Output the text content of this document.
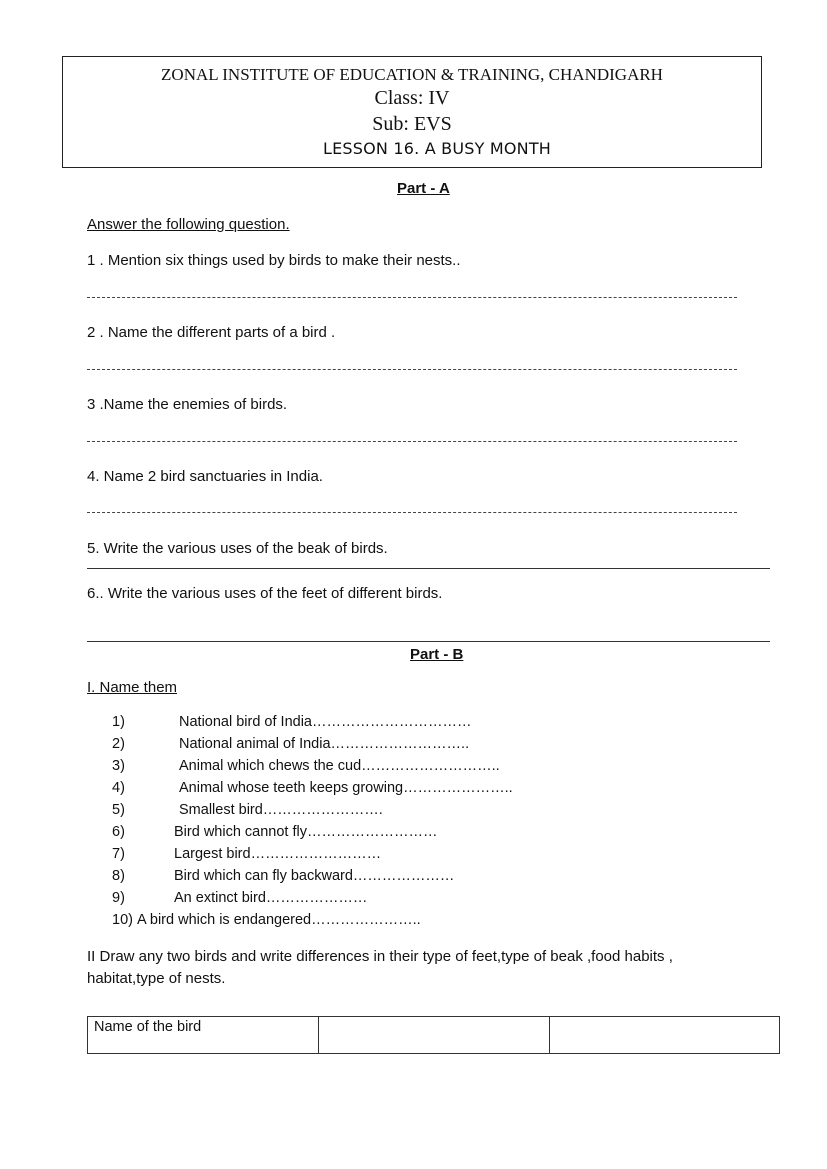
ZONAL INSTITUTE OF EDUCATION & TRAINING, CHANDIGARH
Class: IV
Sub: EVS
LESSON 16. A BUSY MONTH
Part - A
Answer the following question.
1 . Mention six things used by birds to make their nests..
2 . Name the different parts of a bird .
3 .Name the enemies of birds.
4. Name 2 bird sanctuaries in India.
5. Write the various uses of the beak of birds.
6.. Write the various uses of the feet of different birds.
Part - B
I. Name them
1)	National bird of India……………………………
2)	National animal of India………………………..
3)	Animal which chews the cud………………………..
4)	Animal whose teeth keeps growing…………………..
5)	Smallest bird…………………….
6)	Bird which cannot fly………………………
7)	Largest bird………………………
8)	Bird which can fly backward…………………
9)	An extinct bird…………………
10) A bird which is endangered…………………..
II Draw any two birds and write differences in their type of feet,type of beak ,food habits ,
habitat,type of nests.
Name of the bird		
